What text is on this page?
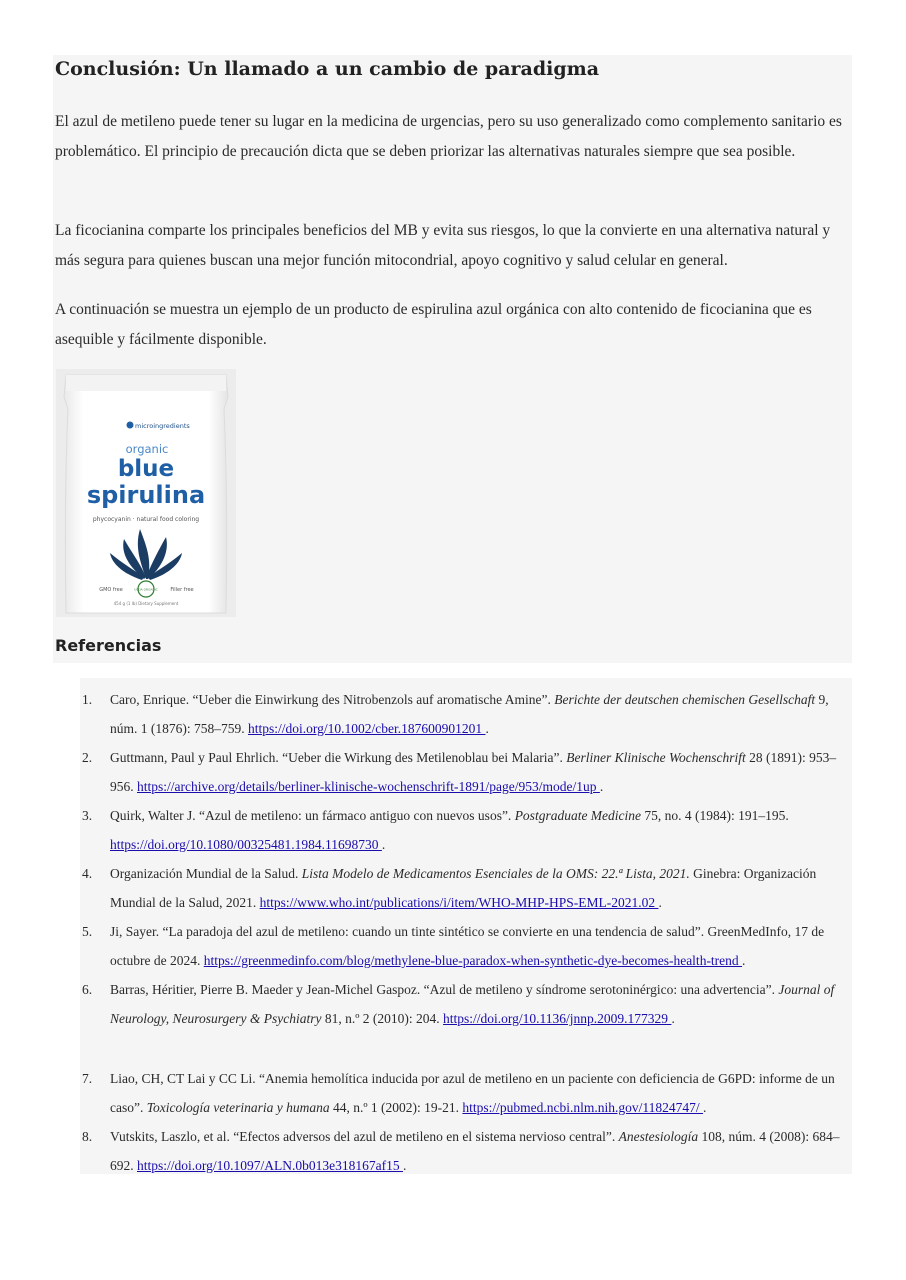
Conclusión: Un llamado a un cambio de paradigma

El azul de metileno puede tener su lugar en la medicina de urgencias, pero su uso generalizado como complemento sanitario es problemático. El principio de precaución dicta que se deben priorizar las alternativas naturales siempre que sea posible.

La ficocianina comparte los principales beneficios del MB y evita sus riesgos, lo que la convierte en una alternativa natural y más segura para quienes buscan una mejor función mitocondrial, apoyo cognitivo y salud celular en general.

A continuación se muestra un ejemplo de un producto de espirulina azul orgánica con alto contenido de ficocianina que es asequible y fácilmente disponible.

microingredients
organic
blue
spirulina
phycocyanin · natural food coloring
GMO free	USDA ORGANIC	Filler free
454 g (1 lb) Dietary Supplement
Referencias
1. Caro, Enrique. “Ueber die Einwirkung des Nitrobenzols auf aromatische Amine”. Berichte der deutschen chemischen Gesellschaft 9, núm. 1 (1876): 758–759. https://doi.org/10.1002/cber.187600901201 .
2. Guttmann, Paul y Paul Ehrlich. “Ueber die Wirkung des Metilenoblau bei Malaria”. Berliner Klinische Wochenschrift 28 (1891): 953–956. https://archive.org/details/berliner-klinische-wochenschrift-1891/page/953/mode/1up .
3. Quirk, Walter J. “Azul de metileno: un fármaco antiguo con nuevos usos”. Postgraduate Medicine 75, no. 4 (1984): 191–195. https://doi.org/10.1080/00325481.1984.11698730 .
4. Organización Mundial de la Salud. Lista Modelo de Medicamentos Esenciales de la OMS: 22.ª Lista, 2021. Ginebra: Organización Mundial de la Salud, 2021. https://www.who.int/publications/i/item/WHO-MHP-HPS-EML-2021.02 .
5. Ji, Sayer. “La paradoja del azul de metileno: cuando un tinte sintético se convierte en una tendencia de salud”. GreenMedInfo, 17 de octubre de 2024. https://greenmedinfo.com/blog/methylene-blue-paradox-when-synthetic-dye-becomes-health-trend .
6. Barras, Héritier, Pierre B. Maeder y Jean-Michel Gaspoz. “Azul de metileno y síndrome serotoninérgico: una advertencia”. Journal of Neurology, Neurosurgery & Psychiatry 81, n.º 2 (2010): 204. https://doi.org/10.1136/jnnp.2009.177329 .
7. Liao, CH, CT Lai y CC Li. “Anemia hemolítica inducida por azul de metileno en un paciente con deficiencia de G6PD: informe de un caso”. Toxicología veterinaria y humana 44, n.º 1 (2002): 19-21. https://pubmed.ncbi.nlm.nih.gov/11824747/ .
8. Vutskits, Laszlo, et al. “Efectos adversos del azul de metileno en el sistema nervioso central”. Anestesiología 108, núm. 4 (2008): 684–692. https://doi.org/10.1097/ALN.0b013e318167af15 .
